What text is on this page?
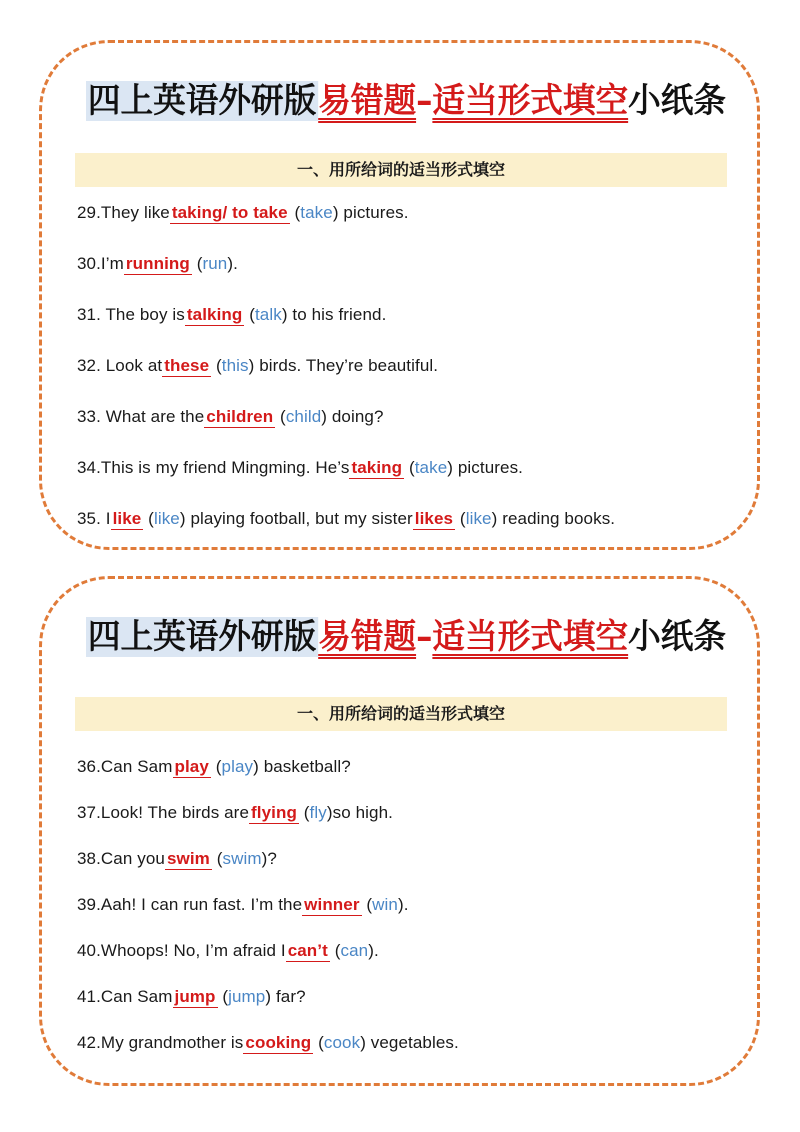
四上英语外研版易错题–适当形式填空小纸条
一、用所给词的适当形式填空
29.They like taking/ to take (take) pictures.
30.I’m running (run).
31. The boy is talking (talk) to his friend.
32. Look at these (this) birds. They’re beautiful.
33. What are the children (child) doing?
34.This is my friend Mingming. He’s taking (take) pictures.
35. I like (like) playing football, but my sister likes (like) reading books.
四上英语外研版易错题–适当形式填空小纸条
一、用所给词的适当形式填空
36.Can Sam play (play) basketball?
37.Look! The birds are flying (fly)so high.
38.Can you swim (swim)?
39.Aah! I can run fast. I’m the winner (win).
40.Whoops! No, I’m afraid I can’t (can).
41.Can Sam jump (jump) far?
42.My grandmother is cooking (cook) vegetables.
